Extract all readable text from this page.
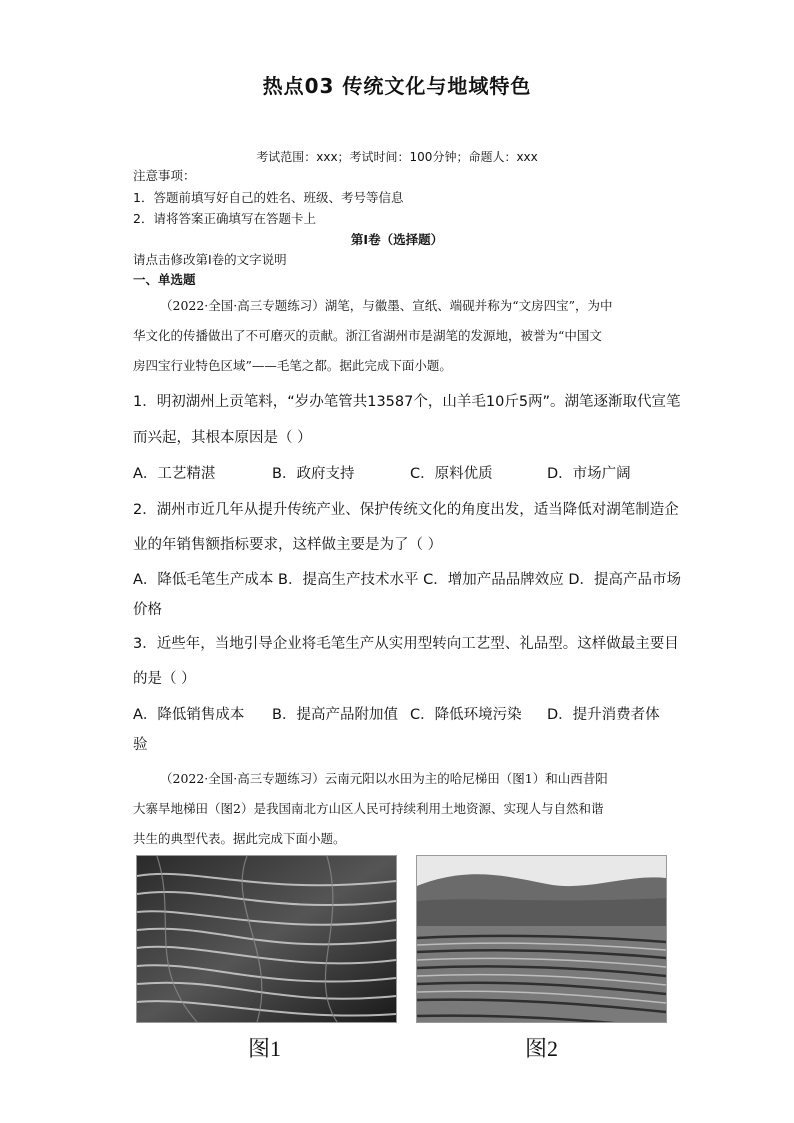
热点03 传统文化与地域特色
考试范围：xxx；考试时间：100分钟；命题人：xxx
注意事项：
1．答题前填写好自己的姓名、班级、考号等信息
2．请将答案正确填写在答题卡上
第I卷（选择题）
请点击修改第I卷的文字说明
一、单选题
（2022·全国·高三专题练习）湖笔，与徽墨、宣纸、端砚并称为“文房四宝”，为中
华文化的传播做出了不可磨灭的贡献。浙江省湖州市是湖笔的发源地，被誉为“中国文
房四宝行业特色区域”——毛笔之都。据此完成下面小题。
1．明初湖州上贡笔料，“岁办笔管共13587个，山羊毛10斤5两”。湖笔逐渐取代宣笔
而兴起，其根本原因是（ ）
A．工艺精湛	B．政府支持	C．原料优质	D．市场广阔
2．湖州市近几年从提升传统产业、保护传统文化的角度出发，适当降低对湖笔制造企
业的年销售额指标要求，这样做主要是为了（ ）
A．降低毛笔生产成本 B．提高生产技术水平 C．增加产品品牌效应 D．提高产品市场
价格
3．近些年，当地引导企业将毛笔生产从实用型转向工艺型、礼品型。这样做最主要目
的是（ ）
A．降低销售成本 B．提高产品附加值 C．降低环境污染 D．提升消费者体
验
（2022·全国·高三专题练习）云南元阳以水田为主的哈尼梯田（图1）和山西昔阳
大寨旱地梯田（图2）是我国南北方山区人民可持续利用土地资源、实现人与自然和谐
共生的典型代表。据此完成下面小题。
图1	图2
